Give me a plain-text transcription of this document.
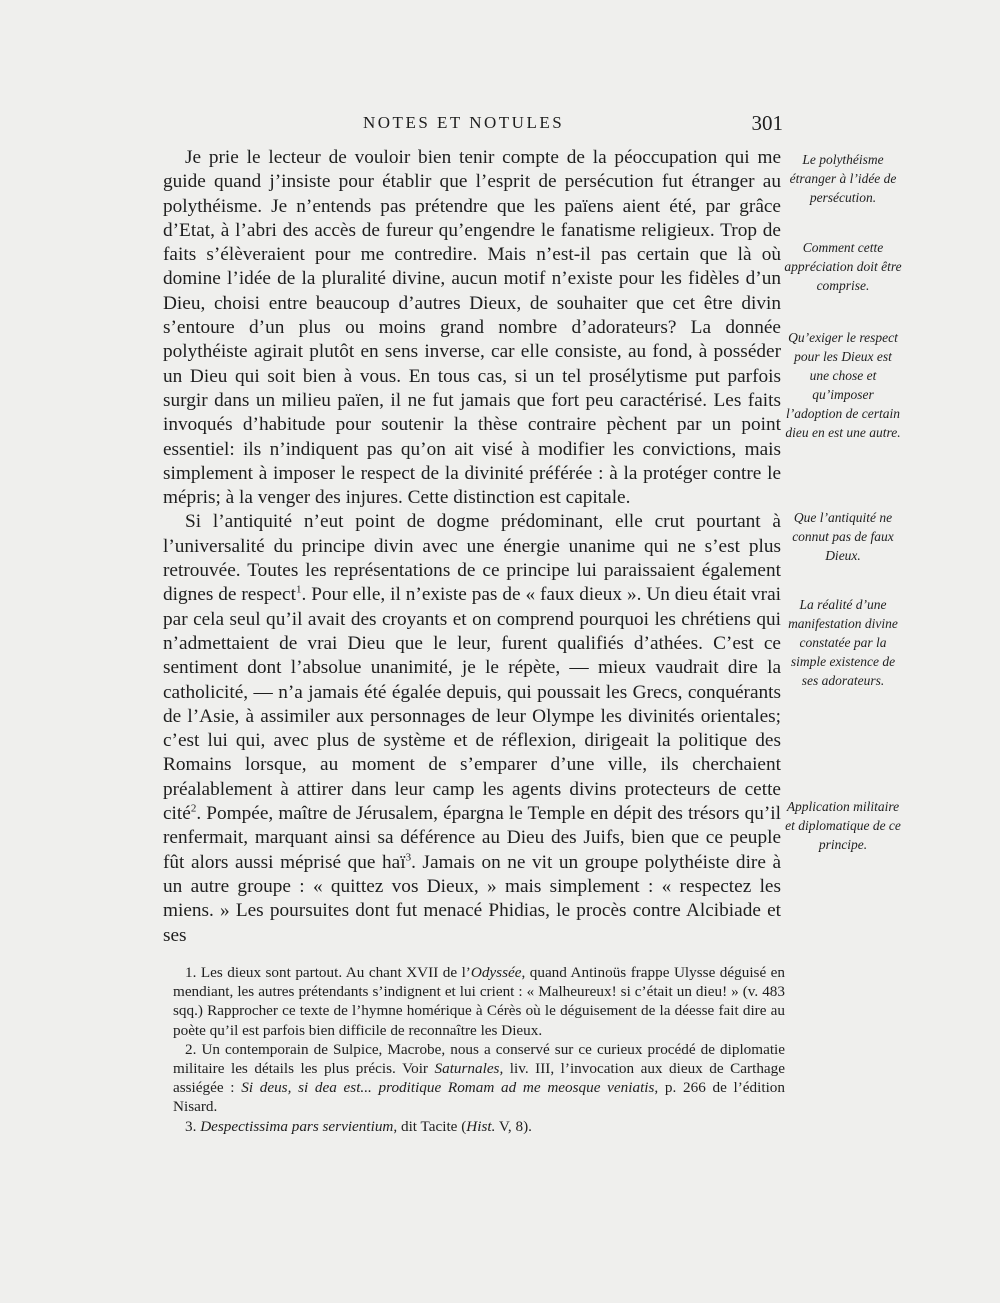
NOTES ET NOTULES	301

Je prie le lecteur de vouloir bien tenir compte de la péoccupation qui me guide quand j’insiste pour établir que l’esprit de persécution fut étranger au polythéisme. Je n’entends pas prétendre que les païens aient été, par grâce d’Etat, à l’abri des accès de fureur qu’engendre le fanatisme religieux. Trop de faits s’élèveraient pour me contredire. Mais n’est-il pas certain que là où domine l’idée de la pluralité divine, aucun motif n’existe pour les fidèles d’un Dieu, choisi entre beaucoup d’autres Dieux, de souhaiter que cet être divin s’entoure d’un plus ou moins grand nombre d’adorateurs? La donnée polythéiste agirait plutôt en sens inverse, car elle consiste, au fond, à posséder un Dieu qui soit bien à vous. En tous cas, si un tel prosélytisme put parfois surgir dans un milieu païen, il ne fut jamais que fort peu caractérisé. Les faits invoqués d’habitude pour soutenir la thèse contraire pèchent par un point essentiel: ils n’indiquent pas qu’on ait visé à modifier les convictions, mais simplement à imposer le respect de la divinité préférée : à la protéger contre le mépris; à la venger des injures. Cette distinction est capitale.

Si l’antiquité n’eut point de dogme prédominant, elle crut pourtant à l’universalité du principe divin avec une énergie unanime qui ne s’est plus retrouvée. Toutes les représentations de ce principe lui paraissaient également dignes de respect$^1$. Pour elle, il n’existe pas de « faux dieux ». Un dieu était vrai par cela seul qu’il avait des croyants et on comprend pourquoi les chrétiens qui n’admettaient de vrai Dieu que le leur, furent qualifiés d’athées. C’est ce sentiment dont l’absolue unanimité, je le répète, — mieux vaudrait dire la catholicité, — n’a jamais été égalée depuis, qui poussait les Grecs, conquérants de l’Asie, à assimiler aux personnages de leur Olympe les divinités orientales; c’est lui qui, avec plus de système et de réflexion, dirigeait la politique des Romains lorsque, au moment de s’emparer d’une ville, ils cherchaient préalablement à attirer dans leur camp les agents divins protecteurs de cette cité$^2$. Pompée, maître de Jérusalem, épargna le Temple en dépit des trésors qu’il renfermait, marquant ainsi sa déférence au Dieu des Juifs, bien que ce peuple fût alors aussi méprisé que haï$^3$. Jamais on ne vit un groupe polythéiste dire à un autre groupe : « quittez vos Dieux, » mais simplement : « respectez les miens. » Les poursuites dont fut menacé Phidias, le procès contre Alcibiade et ses

Le polythéisme étranger à l’idée de persécution.
Comment cette appréciation doit être comprise.
Qu’exiger le respect pour les Dieux est une chose et qu’imposer l’adoption de certain dieu en est une autre.
Que l’antiquité ne connut pas de faux Dieux.
La réalité d’une manifestation divine constatée par la simple existence de ses adorateurs.
Application militaire et diplomatique de ce principe.

1. Les dieux sont partout. Au chant XVII de l’Odyssée, quand Antinoüs frappe Ulysse déguisé en mendiant, les autres prétendants s’indignent et lui crient : « Malheureux! si c’était un dieu! » (v. 483 sqq.) Rapprocher ce texte de l’hymne homérique à Cérès où le déguisement de la déesse fait dire au poète qu’il est parfois bien difficile de reconnaître les Dieux.

2. Un contemporain de Sulpice, Macrobe, nous a conservé sur ce curieux procédé de diplomatie militaire les détails les plus précis. Voir Saturnales, liv. III, l’invocation aux dieux de Carthage assiégée : Si deus, si dea est... proditique Romam ad me meosque veniatis, p. 266 de l’édition Nisard.

3. Despectissima pars servientium, dit Tacite (Hist. V, 8).
